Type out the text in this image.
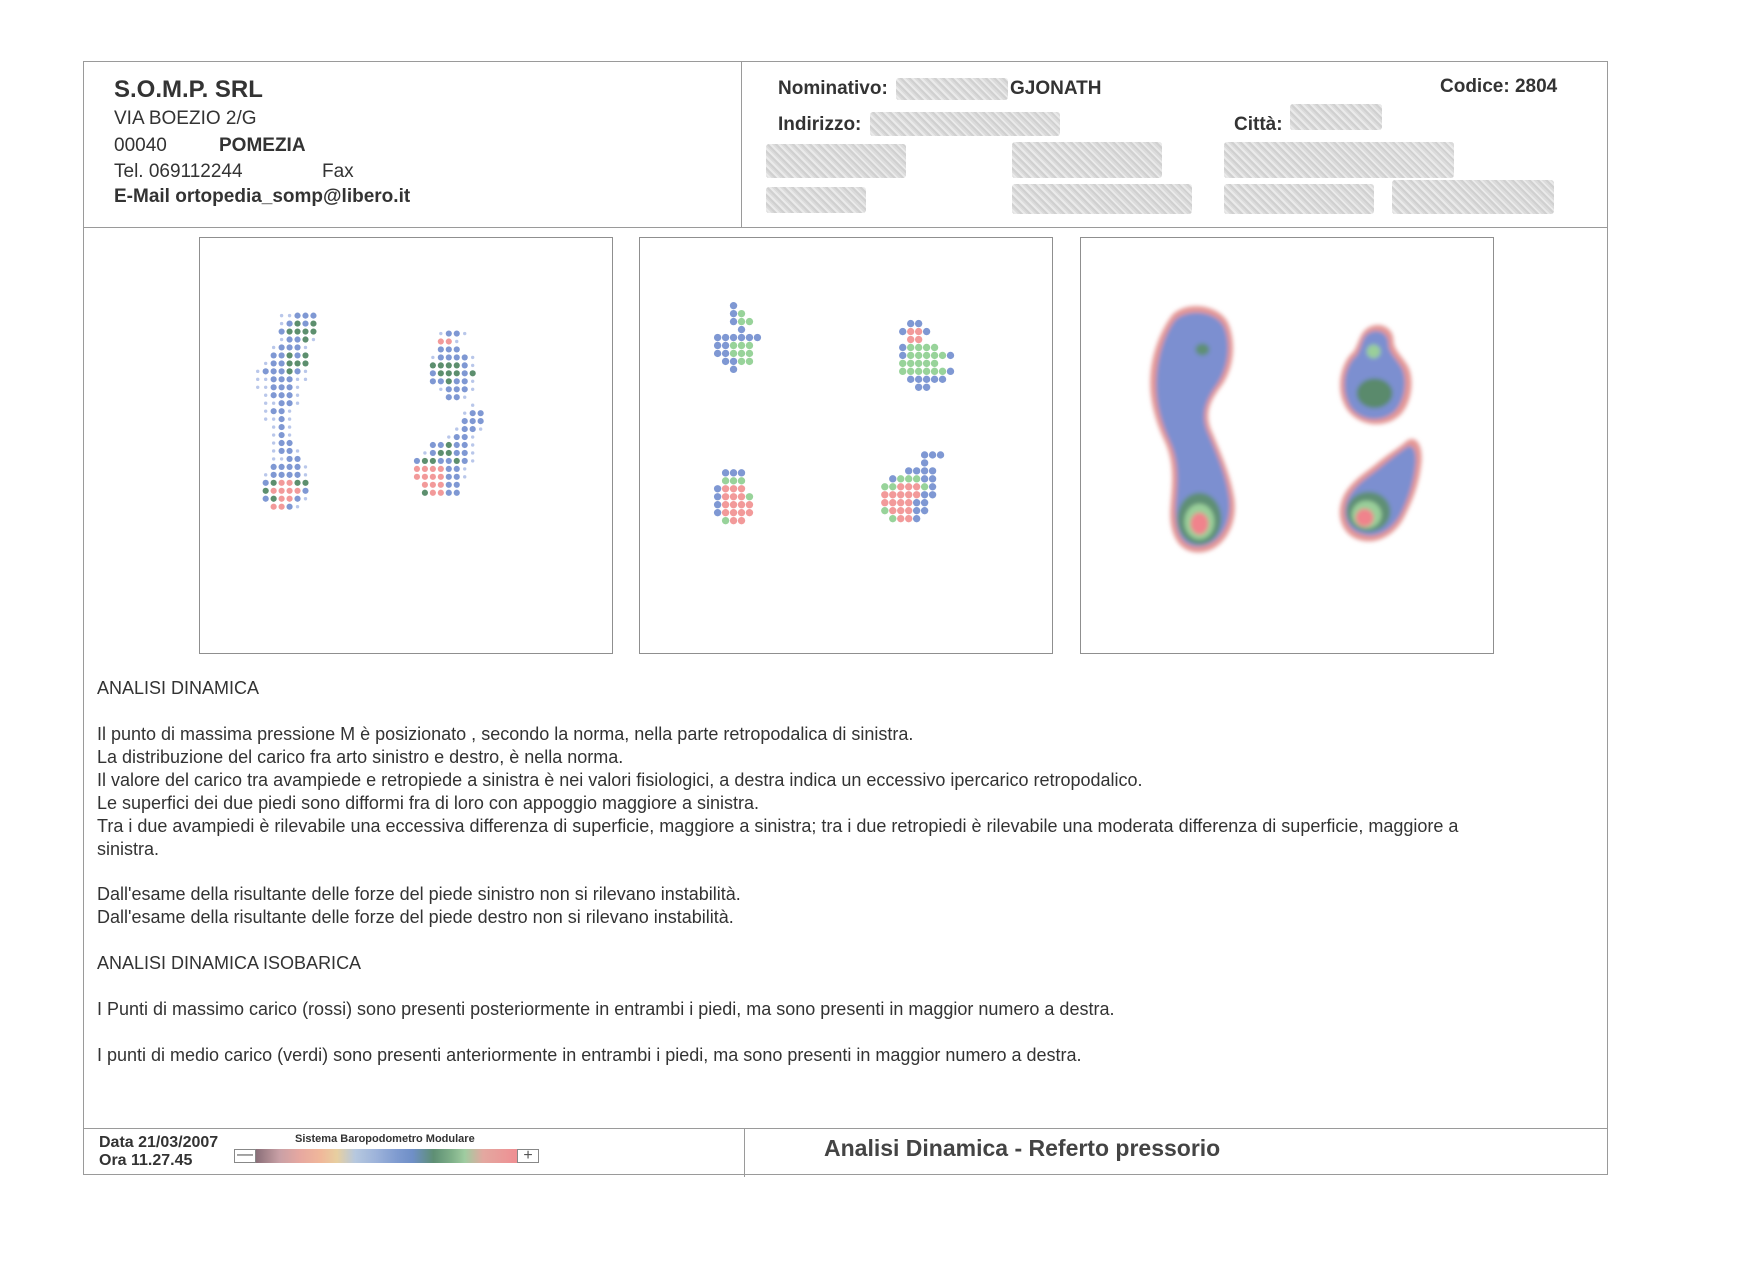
S.O.M.P. SRL
VIA BOEZIO 2/G
00040	POMEZIA
Tel. 069112244	Fax
E-Mail ortopedia_somp@libero.it
Nominativo:	GJONATH	Codice: 2804
Indirizzo:	Città:
ANALISI DINAMICA
Il punto di massima pressione M è posizionato , secondo la norma, nella parte retropodalica di sinistra.
La distribuzione del carico fra arto sinistro e destro, è nella norma.
Il valore del carico tra avampiede e retropiede a sinistra è nei valori fisiologici, a destra indica un eccessivo ipercarico retropodalico.
Le superfici dei due piedi sono difformi fra di loro con appoggio maggiore a sinistra.
Tra i due avampiedi è rilevabile una eccessiva differenza di superficie, maggiore a sinistra; tra i due retropiedi è rilevabile una moderata differenza di superficie, maggiore a
sinistra.
Dall'esame della risultante delle forze del piede sinistro non si rilevano instabilità.
Dall'esame della risultante delle forze del piede destro non si rilevano instabilità.
ANALISI DINAMICA ISOBARICA
I Punti di massimo carico (rossi) sono presenti posteriormente in entrambi i piedi, ma sono presenti in maggior numero a destra.
I punti di medio carico (verdi) sono presenti anteriormente in entrambi i piedi, ma sono presenti in maggior numero a destra.
Data 21/03/2007
Ora 11.27.45
Sistema Baropodometro Modulare
—	+	Analisi Dinamica - Referto pressorio
